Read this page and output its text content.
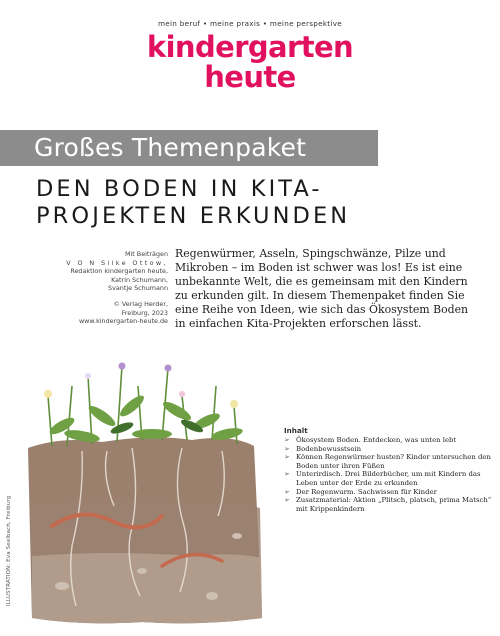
mein beruf • meine praxis • meine perspektive
kindergarten
heute
Großes Themenpaket
DEN BODEN IN KITA-
PROJEKTEN ERKUNDEN
Mit Beiträgen
V O N Silke Ottow,
Redaktion kindergarten heute,
Katrin Schumann,
Svantje Schumann
© Verlag Herder,
Freiburg, 2023
www.kindergarten-heute.de
Regenwürmer, Asseln, Spingschwänze, Pilze und Mikroben – im Boden ist schwer was los! Es ist eine unbekannte Welt, die es gemeinsam mit den Kindern zu erkunden gilt. In diesem Themenpaket finden Sie eine Reihe von Ideen, wie sich das Ökosystem Boden in einfachen Kita-Projekten erforschen lässt.
ILLUSTRATION: Eva Seelbach, Freiburg
Inhalt
➢ Ökosystem Boden. Entdecken, was unten lebt
➢ Bodenbewusstsein
➢ Können Regenwürmer husten? Kinder untersuchen den Boden unter ihren Füßen
➢ Unterirdisch. Drei Bilderbücher, um mit Kindern das Leben unter der Erde zu erkunden
➢ Der Regenwurm. Sachwissen für Kinder
➢ Zusatzmaterial: Aktion „Plitsch, platsch, prima Matsch“ mit Krippenkindern
